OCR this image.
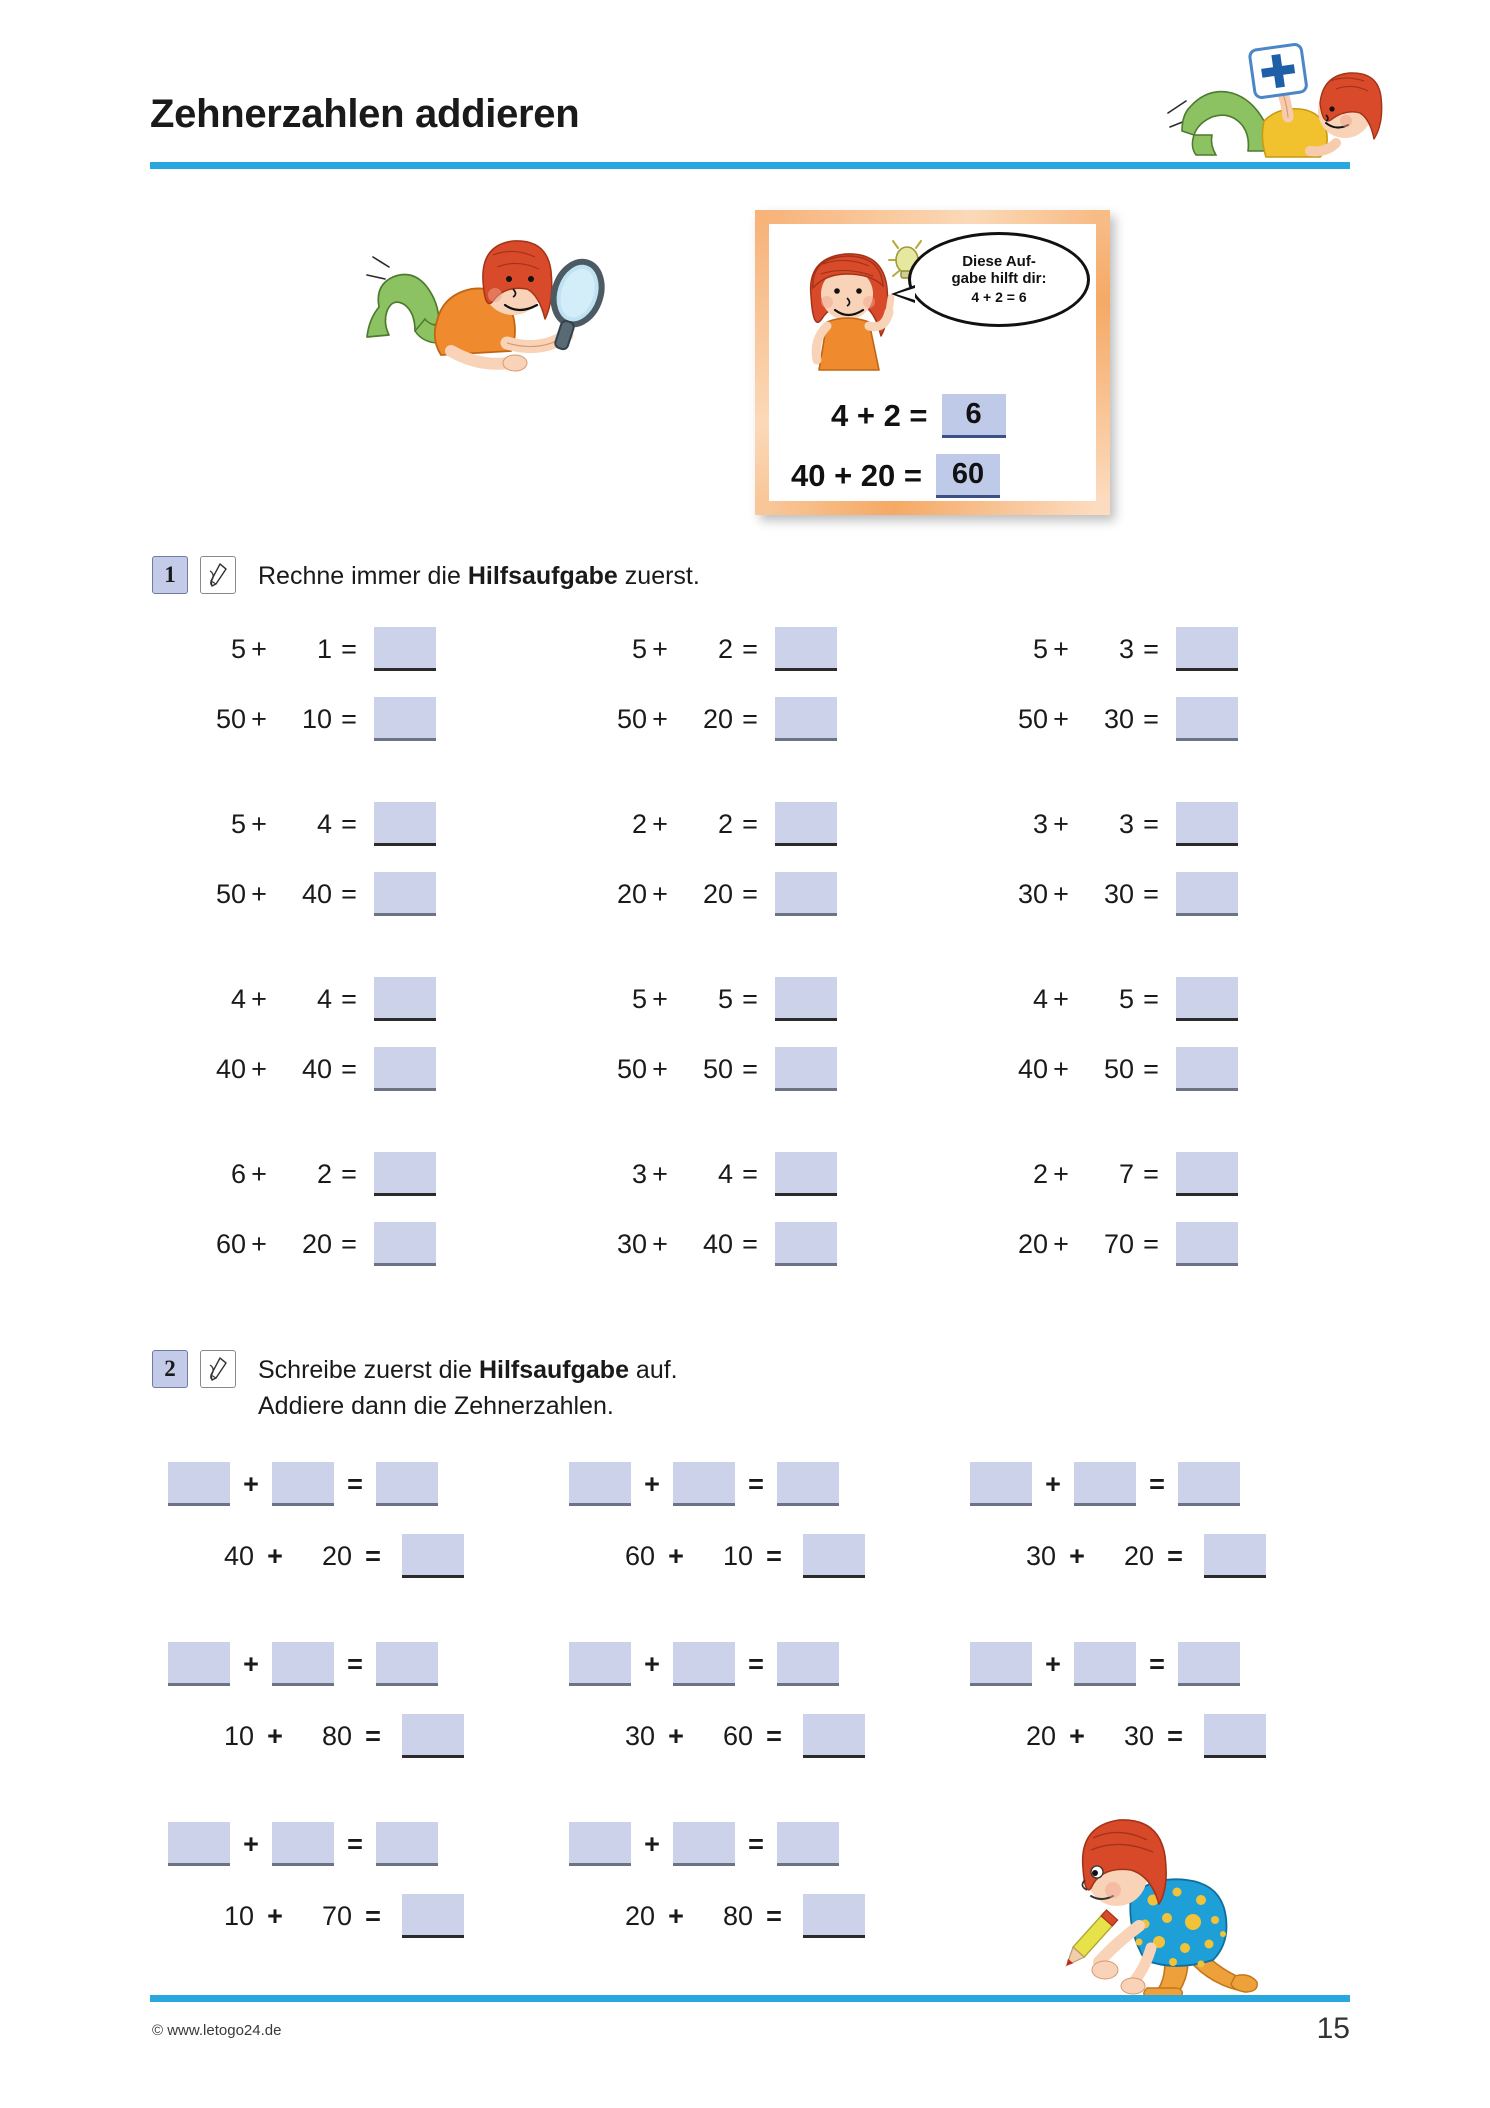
Zehnerzahlen addieren
Diese Auf-
gabe hilft dir:
4 + 2 = 6
4 + 2 =	6
40 + 20 =	60
1	Rechne immer die Hilfsaufgabe zuerst.
5 +	1 =
50 +	10 =
5 +	2 =
50 +	20 =
5 +	3 =
50 +	30 =
5 +	4 =
50 +	40 =
2 +	2 =
20 +	20 =
3 +	3 =
30 +	30 =
4 +	4 =
40 +	40 =
5 +	5 =
50 +	50 =
4 +	5 =
40 +	50 =
6 +	2 =
60 +	20 =
3 +	4 =
30 +	40 =
2 +	7 =
20 +	70 =
2	Schreibe zuerst die Hilfsaufgabe auf.
Addiere dann die Zehnerzahlen.
+	=
40 +	20 =
+	=
60 +	10 =
+	=
30 +	20 =
+	=
10 +	80 =
+	=
30 +	60 =
+	=
20 +	30 =
+	=
10 +	70 =
+	=
20 +	80 =
© www.letogo24.de	15
